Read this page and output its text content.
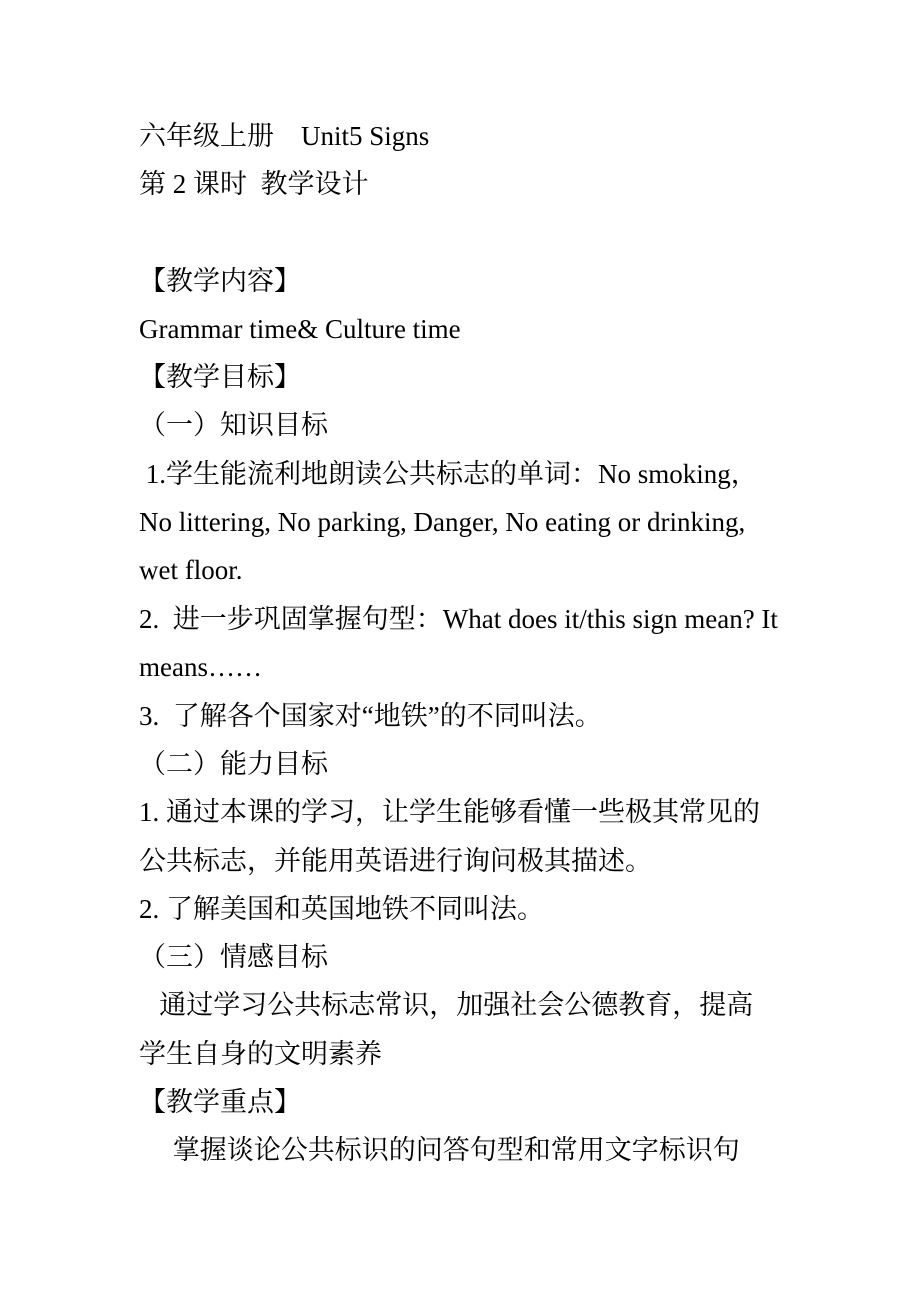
六年级上册    Unit5 Signs
第 2 课时  教学设计
【教学内容】
Grammar time& Culture time
【教学目标】
（一）知识目标
1.学生能流利地朗读公共标志的单词：No smoking，
No littering, No parking, Danger, No eating or drinking,
wet floor.
2.  进一步巩固掌握句型：What does it/this sign mean? It
means……
3.  了解各个国家对“地铁”的不同叫法。
（二）能力目标
1. 通过本课的学习，让学生能够看懂一些极其常见的
公共标志，并能用英语进行询问极其描述。
2. 了解美国和英国地铁不同叫法。
（三）情感目标
通过学习公共标志常识，加强社会公德教育，提高
学生自身的文明素养
【教学重点】
掌握谈论公共标识的问答句型和常用文字标识句
